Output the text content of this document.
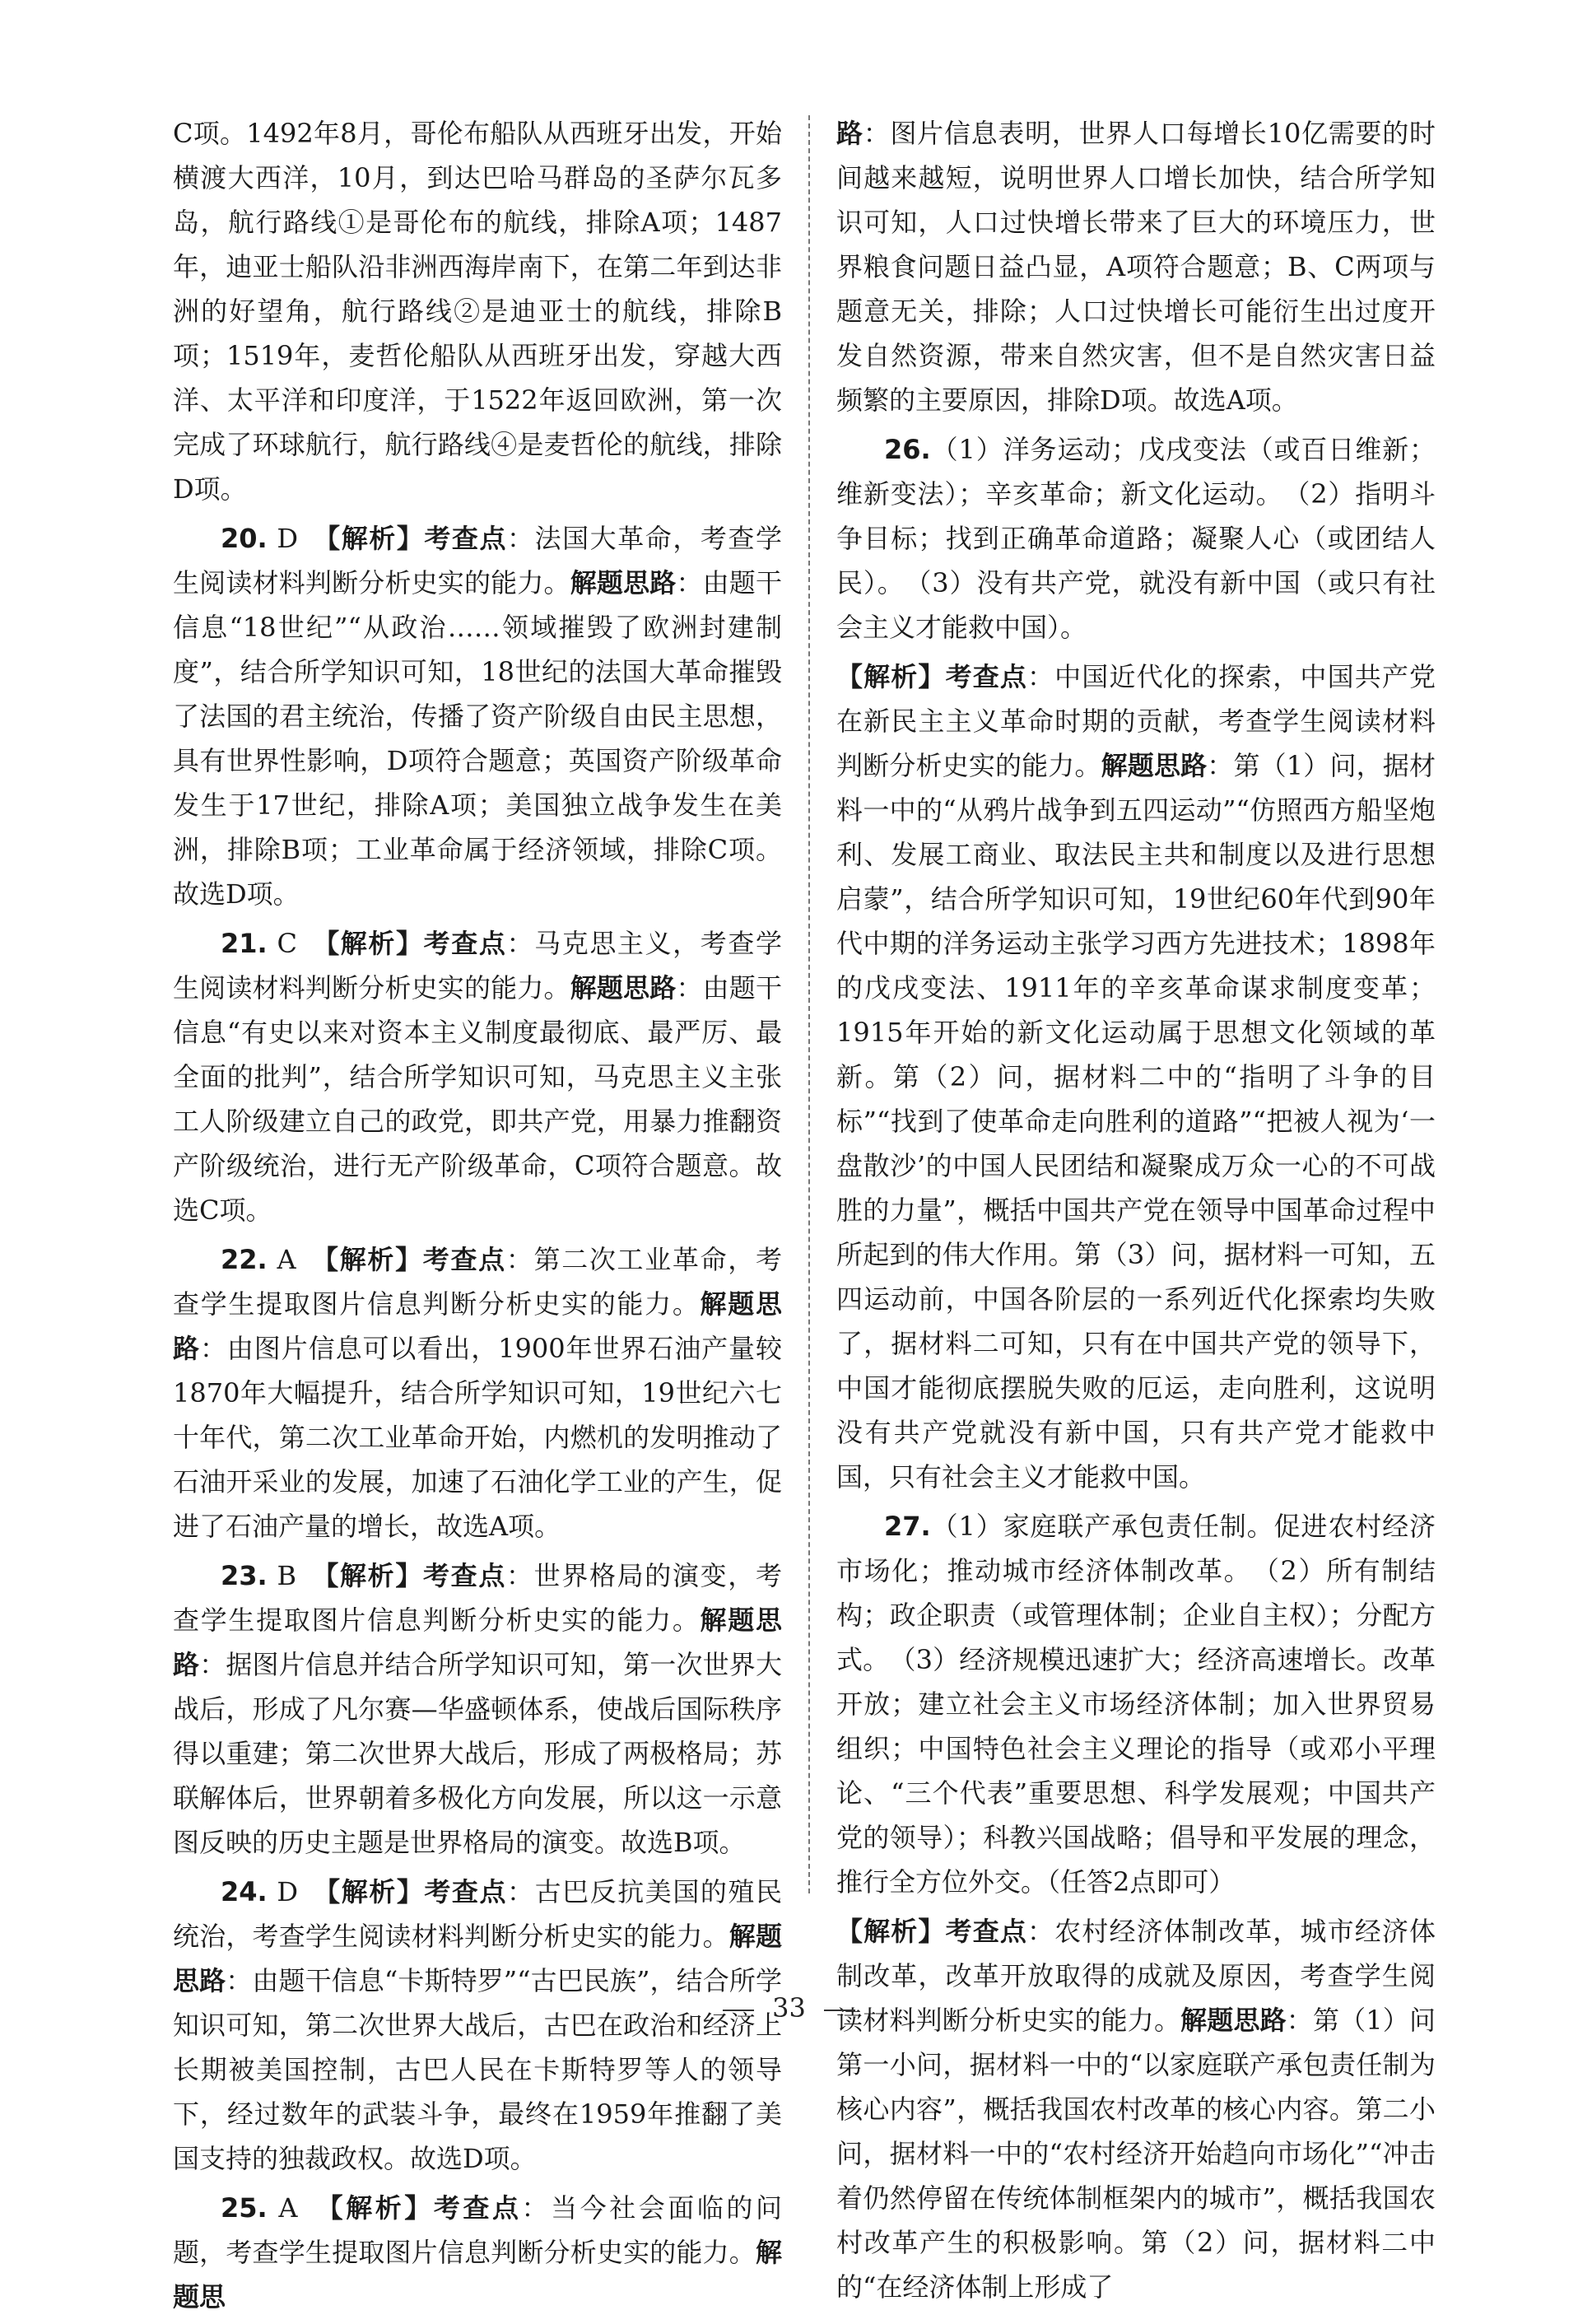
C项。1492年8月，哥伦布船队从西班牙出发，开始横渡大西洋，10月，到达巴哈马群岛的圣萨尔瓦多岛，航行路线①是哥伦布的航线，排除A项；1487年，迪亚士船队沿非洲西海岸南下，在第二年到达非洲的好望角，航行路线②是迪亚士的航线，排除B项；1519年，麦哲伦船队从西班牙出发，穿越大西洋、太平洋和印度洋，于1522年返回欧洲，第一次完成了环球航行，航行路线④是麦哲伦的航线，排除D项。

20. D　【解析】考查点：法国大革命，考查学生阅读材料判断分析史实的能力。解题思路：由题干信息“18世纪”“从政治……领域摧毁了欧洲封建制度”，结合所学知识可知，18世纪的法国大革命摧毁了法国的君主统治，传播了资产阶级自由民主思想，具有世界性影响，D项符合题意；英国资产阶级革命发生于17世纪，排除A项；美国独立战争发生在美洲，排除B项；工业革命属于经济领域，排除C项。故选D项。

21. C　【解析】考查点：马克思主义，考查学生阅读材料判断分析史实的能力。解题思路：由题干信息“有史以来对资本主义制度最彻底、最严厉、最全面的批判”，结合所学知识可知，马克思主义主张工人阶级建立自己的政党，即共产党，用暴力推翻资产阶级统治，进行无产阶级革命，C项符合题意。故选C项。

22. A　【解析】考查点：第二次工业革命，考查学生提取图片信息判断分析史实的能力。解题思路：由图片信息可以看出，1900年世界石油产量较1870年大幅提升，结合所学知识可知，19世纪六七十年代，第二次工业革命开始，内燃机的发明推动了石油开采业的发展，加速了石油化学工业的产生，促进了石油产量的增长，故选A项。

23. B　【解析】考查点：世界格局的演变，考查学生提取图片信息判断分析史实的能力。解题思路：据图片信息并结合所学知识可知，第一次世界大战后，形成了凡尔赛—华盛顿体系，使战后国际秩序得以重建；第二次世界大战后，形成了两极格局；苏联解体后，世界朝着多极化方向发展，所以这一示意图反映的历史主题是世界格局的演变。故选B项。

24. D　【解析】考查点：古巴反抗美国的殖民统治，考查学生阅读材料判断分析史实的能力。解题思路：由题干信息“卡斯特罗”“古巴民族”，结合所学知识可知，第二次世界大战后，古巴在政治和经济上长期被美国控制，古巴人民在卡斯特罗等人的领导下，经过数年的武装斗争，最终在1959年推翻了美国支持的独裁政权。故选D项。

25. A　【解析】考查点：当今社会面临的问题，考查学生提取图片信息判断分析史实的能力。解题思

路：图片信息表明，世界人口每增长10亿需要的时间越来越短，说明世界人口增长加快，结合所学知识可知，人口过快增长带来了巨大的环境压力，世界粮食问题日益凸显，A项符合题意；B、C两项与题意无关，排除；人口过快增长可能衍生出过度开发自然资源，带来自然灾害，但不是自然灾害日益频繁的主要原因，排除D项。故选A项。

26.（1）洋务运动；戊戌变法（或百日维新；维新变法）；辛亥革命；新文化运动。　（2）指明斗争目标；找到正确革命道路；凝聚人心（或团结人民）。　（3）没有共产党，就没有新中国（或只有社会主义才能救中国）。

【解析】考查点：中国近代化的探索，中国共产党在新民主主义革命时期的贡献，考查学生阅读材料判断分析史实的能力。解题思路：第（1）问，据材料一中的“从鸦片战争到五四运动”“仿照西方船坚炮利、发展工商业、取法民主共和制度以及进行思想启蒙”，结合所学知识可知，19世纪60年代到90年代中期的洋务运动主张学习西方先进技术；1898年的戊戌变法、1911年的辛亥革命谋求制度变革；1915年开始的新文化运动属于思想文化领域的革新。第（2）问，据材料二中的“指明了斗争的目标”“找到了使革命走向胜利的道路”“把被人视为‘一盘散沙’的中国人民团结和凝聚成万众一心的不可战胜的力量”，概括中国共产党在领导中国革命过程中所起到的伟大作用。第（3）问，据材料一可知，五四运动前，中国各阶层的一系列近代化探索均失败了，据材料二可知，只有在中国共产党的领导下，中国才能彻底摆脱失败的厄运，走向胜利，这说明没有共产党就没有新中国，只有共产党才能救中国，只有社会主义才能救中国。

27.（1）家庭联产承包责任制。促进农村经济市场化；推动城市经济体制改革。　（2）所有制结构；政企职责（或管理体制；企业自主权）；分配方式。　（3）经济规模迅速扩大；经济高速增长。改革开放；建立社会主义市场经济体制；加入世界贸易组织；中国特色社会主义理论的指导（或邓小平理论、“三个代表”重要思想、科学发展观；中国共产党的领导）；科教兴国战略；倡导和平发展的理念，推行全方位外交。（任答2点即可）

【解析】考查点：农村经济体制改革，城市经济体制改革，改革开放取得的成就及原因，考查学生阅读材料判断分析史实的能力。解题思路：第（1）问第一小问，据材料一中的“以家庭联产承包责任制为核心内容”，概括我国农村改革的核心内容。第二小问，据材料一中的“农村经济开始趋向市场化”“冲击着仍然停留在传统体制框架内的城市”，概括我国农村改革产生的积极影响。第（2）问，据材料二中的“在经济体制上形成了

33
